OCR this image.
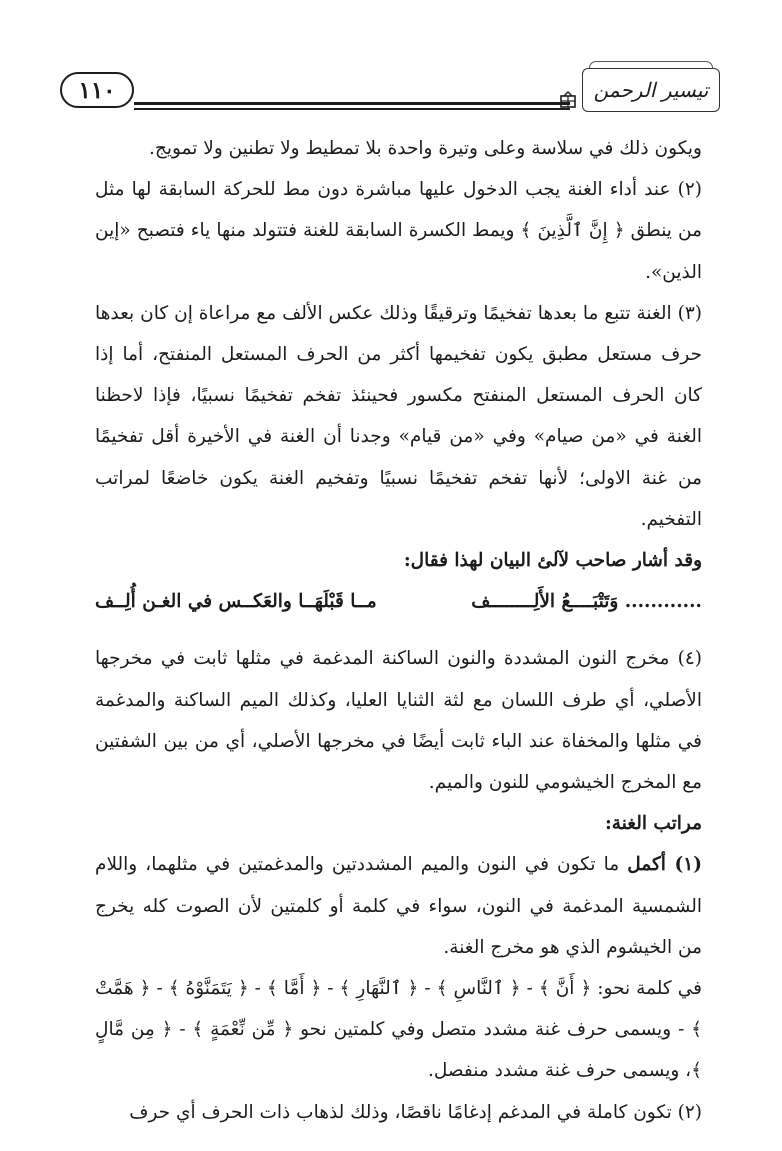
١١٠	تيسير الرحمن

ويكون ذلك في سلاسة وعلى وتيرة واحدة بلا تمطيط ولا تطنين ولا تمويج.

(٢) عند أداء الغنة يجب الدخول عليها مباشرة دون مط للحركة السابقة لها مثل من ينطق ﴿ إِنَّ ٱلَّذِينَ ﴾ ويمط الكسرة السابقة للغنة فتتولد منها ياء فتصبح «إين الذين».

(٣) الغنة تتبع ما بعدها تفخيمًا وترقيقًا وذلك عكس الألف مع مراعاة إن كان بعدها حرف مستعل مطبق يكون تفخيمها أكثر من الحرف المستعل المنفتح، أما إذا كان الحرف المستعل المنفتح مكسور فحينئذ تفخم تفخيمًا نسبيًا، فإذا لاحظنا الغنة في «من صيام» وفي «من قيام» وجدنا أن الغنة في الأخيرة أقل تفخيمًا من غنة الاولى؛ لأنها تفخم تفخيمًا نسبيًا وتفخيم الغنة يكون خاضعًا لمراتب التفخيم.

وقد أشار صاحب لآلئ البيان لهذا فقال:

............ وَتَتْبَــــعُ الأَلِــــــــف
مــا قَبْلَهَــا والعَكــس في الغـن أُلِــف

(٤) مخرج النون المشددة والنون الساكنة المدغمة في مثلها ثابت في مخرجها الأصلي، أي طرف اللسان مع لثة الثنايا العليا، وكذلك الميم الساكنة والمدغمة في مثلها والمخفاة عند الباء ثابت أيضًا في مخرجها الأصلي، أي من بين الشفتين مع المخرج الخيشومي للنون والميم.

مراتب الغنة:

(١) أكمل ما تكون في النون والميم المشددتين والمدغمتين في مثلهما، واللام الشمسية المدغمة في النون، سواء في كلمة أو كلمتين لأن الصوت كله يخرج من الخيشوم الذي هو مخرج الغنة.

في كلمة نحو: ﴿ أَنَّ ﴾ - ﴿ ٱلنَّاسِ ﴾ - ﴿ ٱلنَّهَارِ ﴾ - ﴿ أَمَّا ﴾ - ﴿ يَتَمَنَّوْهُ ﴾ - ﴿ هَمَّتْ ﴾ - ويسمى حرف غنة مشدد متصل وفي كلمتين نحو ﴿ مِّن نِّعْمَةٍ ﴾ - ﴿ مِن مَّالٍ ﴾، ويسمى حرف غنة مشدد منفصل.

(٢) تكون كاملة في المدغم إدغامًا ناقصًا، وذلك لذهاب ذات الحرف أي حرف
